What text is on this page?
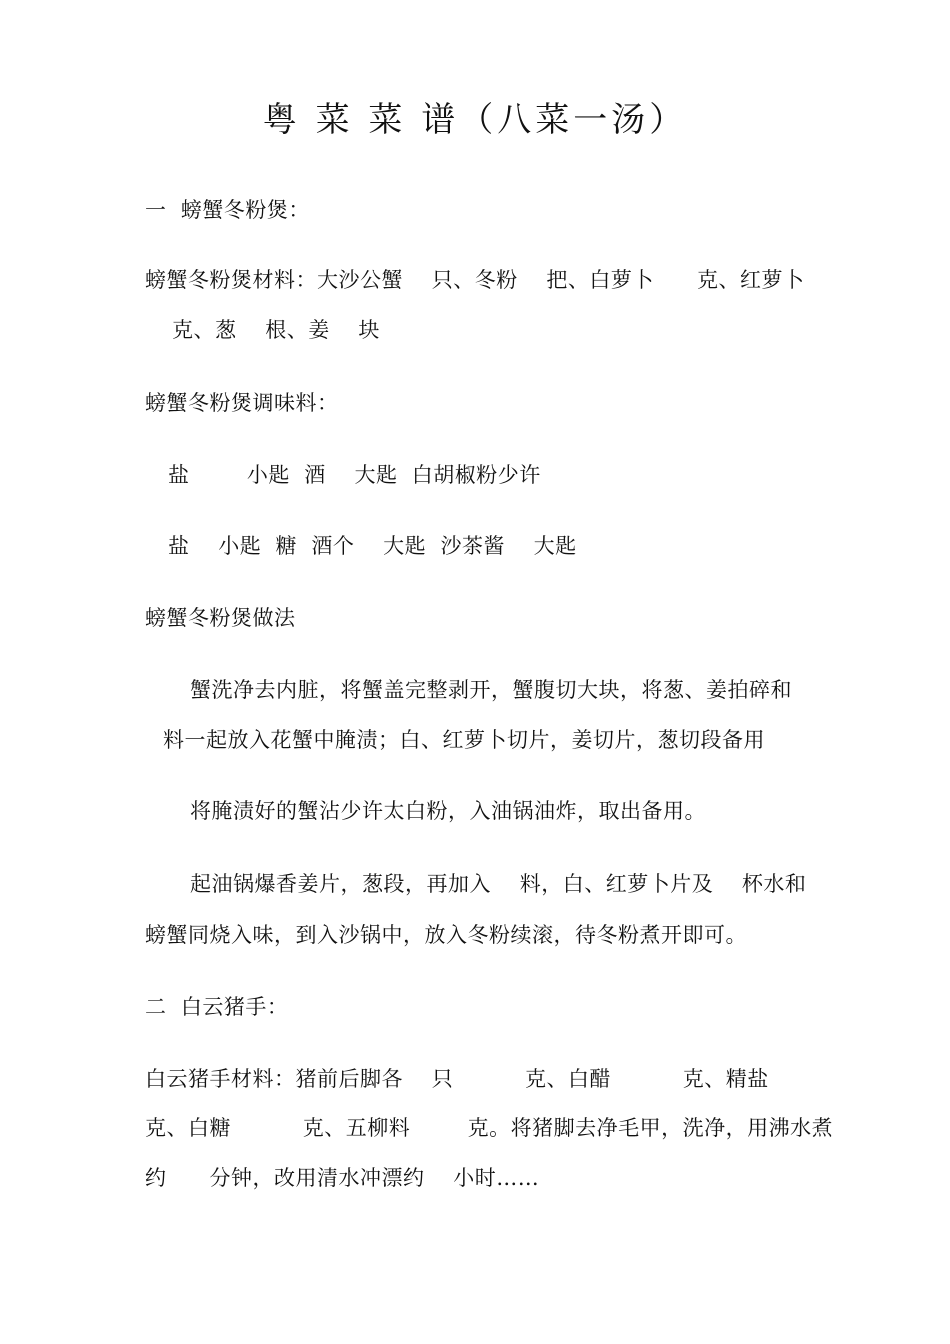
粤 菜 菜 谱（八菜一汤）
一  螃蟹冬粉煲：
螃蟹冬粉煲材料：大沙公蟹    只、冬粉    把、白萝卜      克、红萝卜
克、葱    根、姜    块
螃蟹冬粉煲调味料：
盐        小匙  酒    大匙  白胡椒粉少许
盐    小匙  糖  酒个    大匙  沙茶酱    大匙
螃蟹冬粉煲做法
蟹洗净去内脏，将蟹盖完整剥开，蟹腹切大块，将葱、姜拍碎和
料一起放入花蟹中腌渍；白、红萝卜切片，姜切片，葱切段备用
将腌渍好的蟹沾少许太白粉，入油锅油炸，取出备用。
起油锅爆香姜片，葱段，再加入    料，白、红萝卜片及    杯水和
螃蟹同烧入味，到入沙锅中，放入冬粉续滚，待冬粉煮开即可。
二  白云猪手：
白云猪手材料：猪前后脚各    只          克、白醋          克、精盐
克、白糖          克、五柳料        克。将猪脚去净毛甲，洗净，用沸水煮
约      分钟，改用清水冲漂约    小时……
